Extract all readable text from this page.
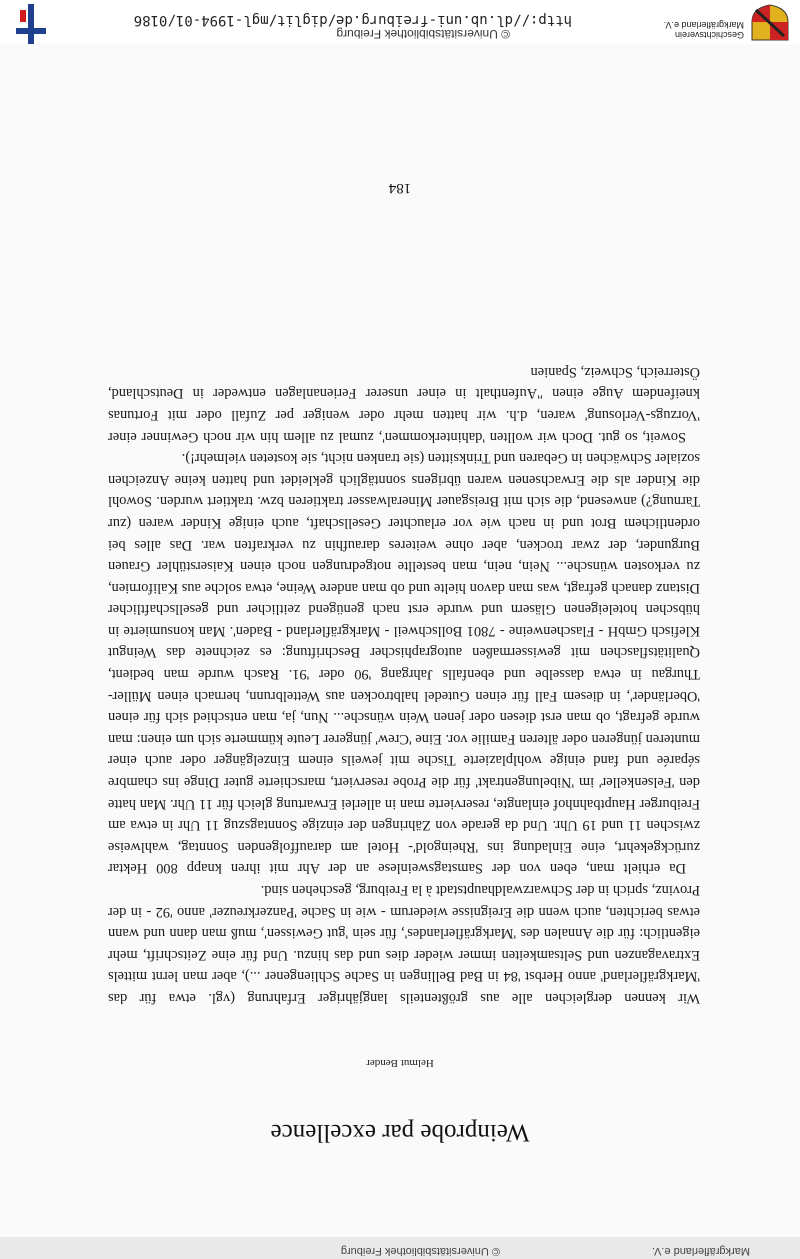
Markgräflerland e.V.
© Universitätsbibliothek Freiburg
Weinprobe par excellence
Helmut Bender

Wir kennen dergleichen alle aus größtenteils langjähriger Erfahrung (vgl. etwa für das 'Markgräflerland' anno Herbst '84 in Bad Bellingen in Sache Schliengener ...), aber man lernt mittels Extravaganzen und Seltsamkeiten immer wieder dies und das hinzu. Und für eine Zeitschrift, mehr eigentlich: für die Annalen des 'Markgräflerlandes', für sein 'gut Gewissen', muß man dann und wann etwas berichten, auch wenn die Ereignisse wiederum - wie in Sache 'Panzerkreuzer' anno '92 - in der Provinz, sprich in der Schwarzwaldhauptstadt à la Freiburg, geschehen sind.

Da erhielt man, eben von der Samstagsweinlese an der Ahr mit ihren knapp 800 Hektar zurückgekehrt, eine Einladung ins 'Rheingold'- Hotel am darauffolgenden Sonntag, wahlweise zwischen 11 und 19 Uhr. Und da gerade von Zähringen der einzige Sonntagszug 11 Uhr in etwa am Freiburger Hauptbahnhof einlangte, reservierte man in allerlei Erwartung gleich für 11 Uhr. Man hatte den 'Felsenkeller' im 'Nibelungentrakt' für die Probe reserviert, marschierte guter Dinge ins chambre séparée und fand einige wohlplazierte Tische mit jeweils einem Einzelgänger oder auch einer munteren jüngeren oder älteren Familie vor. Eine 'Crew' jüngerer Leute kümmerte sich um einen: man wurde gefragt, ob man erst diesen oder jenen Wein wünsche... Nun, ja, man entschied sich für einen 'Oberländer', in diesem Fall für einen Gutedel halbtrocken aus Wettelbrunn, hernach einen Müller-Thurgau in etwa dasselbe und ebenfalls Jahrgang '90 oder '91. Rasch wurde man bedient, Qualitätsflaschen mit gewissermaßen autographischer Beschriftung: es zeichnete das Weingut Klefisch GmbH - Flaschenweine - 7801 Bollschweil - Markgräflerland - Baden'. Man konsumierte in hübschen hoteleigenen Gläsern und wurde erst nach genügend zeitlicher und gesellschaftlicher Distanz danach gefragt, was man davon hielte und ob man andere Weine, etwa solche aus Kalifornien, zu verkosten wünsche... Nein, nein, man bestellte notgedrungen noch einen Kaiserstühler Grauen Burgunder, der zwar trocken, aber ohne weiteres daraufhin zu verkraften war. Das alles bei ordentlichem Brot und in nach wie vor erlauchter Gesellschaft, auch einige Kinder waren (zur Tarnung?) anwesend, die sich mit Breisgauer Mineralwasser traktieren bzw. traktiert wurden. Sowohl die Kinder als die Erwachsenen waren übrigens sonntäglich gekleidet und hatten keine Anzeichen sozialer Schwächen in Gebaren und Trinksitten (sie tranken nicht, sie kosteten vielmehr!).

Soweit, so gut. Doch wir wollten 'dahinterkommen', zumal zu allem hin wir noch Gewinner einer 'Vorzugs-Verlosung' waren, d.h. wir hatten mehr oder weniger per Zufall oder mit Fortunas kneifendem Auge einen "Aufenthalt in einer unserer Ferienanlagen entweder in Deutschland, Österreich, Schweiz, Spanien

184
Geschichtsverein
Markgräflerland e.V.
© Universitätsbibliothek Freiburg
http://dl.ub.uni-freiburg.de/diglit/mgl-1994-01/0186
